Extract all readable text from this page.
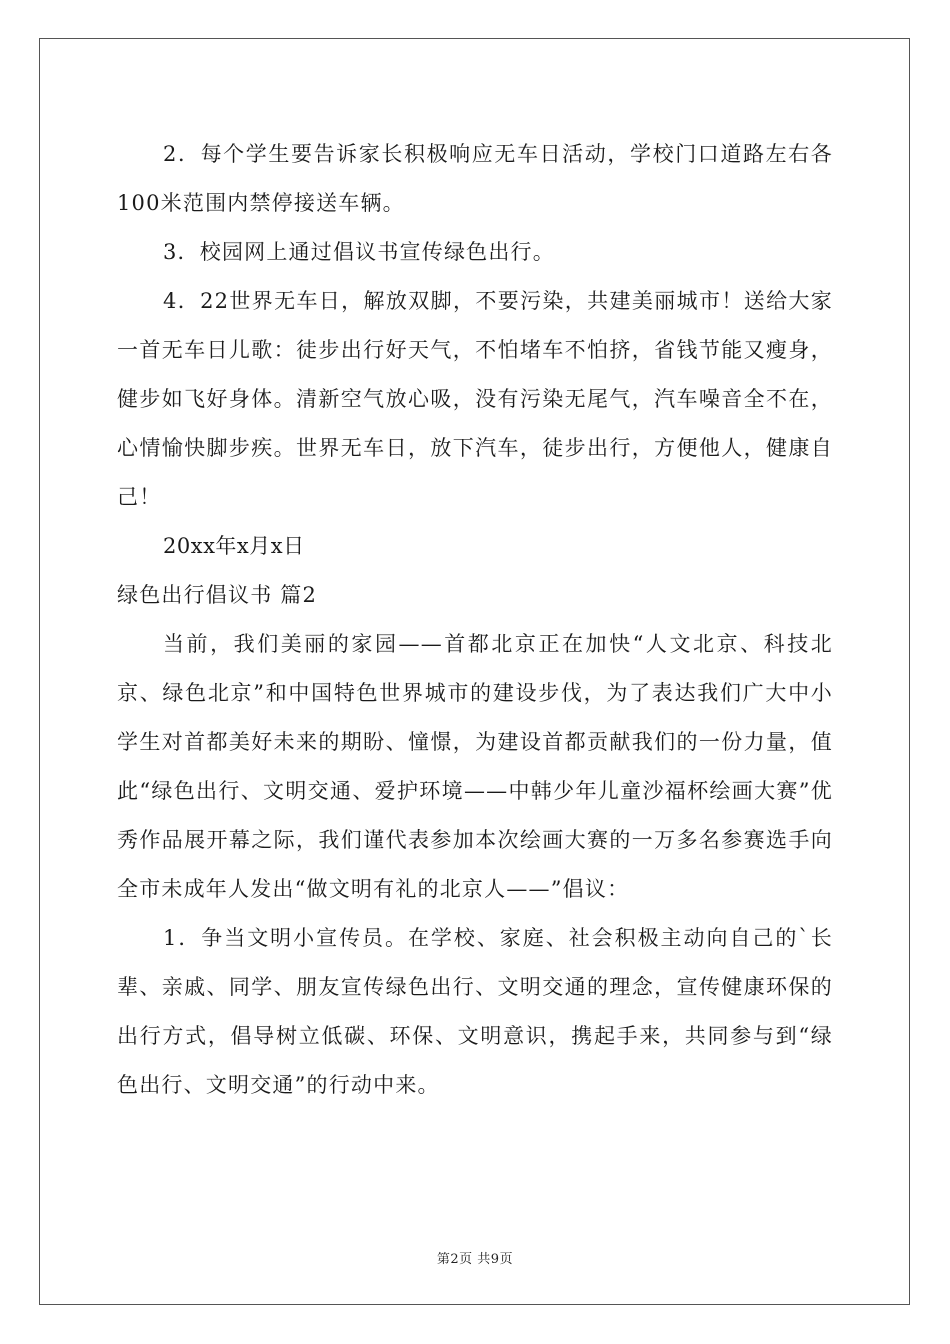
2．每个学生要告诉家长积极响应无车日活动，学校门口道路左右各100米范围内禁停接送车辆。

3．校园网上通过倡议书宣传绿色出行。

4．22世界无车日，解放双脚，不要污染，共建美丽城市！送给大家一首无车日儿歌：徒步出行好天气，不怕堵车不怕挤，省钱节能又瘦身，健步如飞好身体。清新空气放心吸，没有污染无尾气，汽车噪音全不在，心情愉快脚步疾。世界无车日，放下汽车，徒步出行，方便他人，健康自己！

20xx年x月x日

绿色出行倡议书 篇2

当前，我们美丽的家园——首都北京正在加快“人文北京、科技北京、绿色北京”和中国特色世界城市的建设步伐，为了表达我们广大中小学生对首都美好未来的期盼、憧憬，为建设首都贡献我们的一份力量，值此“绿色出行、文明交通、爱护环境——中韩少年儿童沙福杯绘画大赛”优秀作品展开幕之际，我们谨代表参加本次绘画大赛的一万多名参赛选手向全市未成年人发出“做文明有礼的北京人——”倡议：

1．争当文明小宣传员。在学校、家庭、社会积极主动向自己的`长辈、亲戚、同学、朋友宣传绿色出行、文明交通的理念，宣传健康环保的出行方式，倡导树立低碳、环保、文明意识，携起手来，共同参与到“绿色出行、文明交通”的行动中来。

第2页 共9页
